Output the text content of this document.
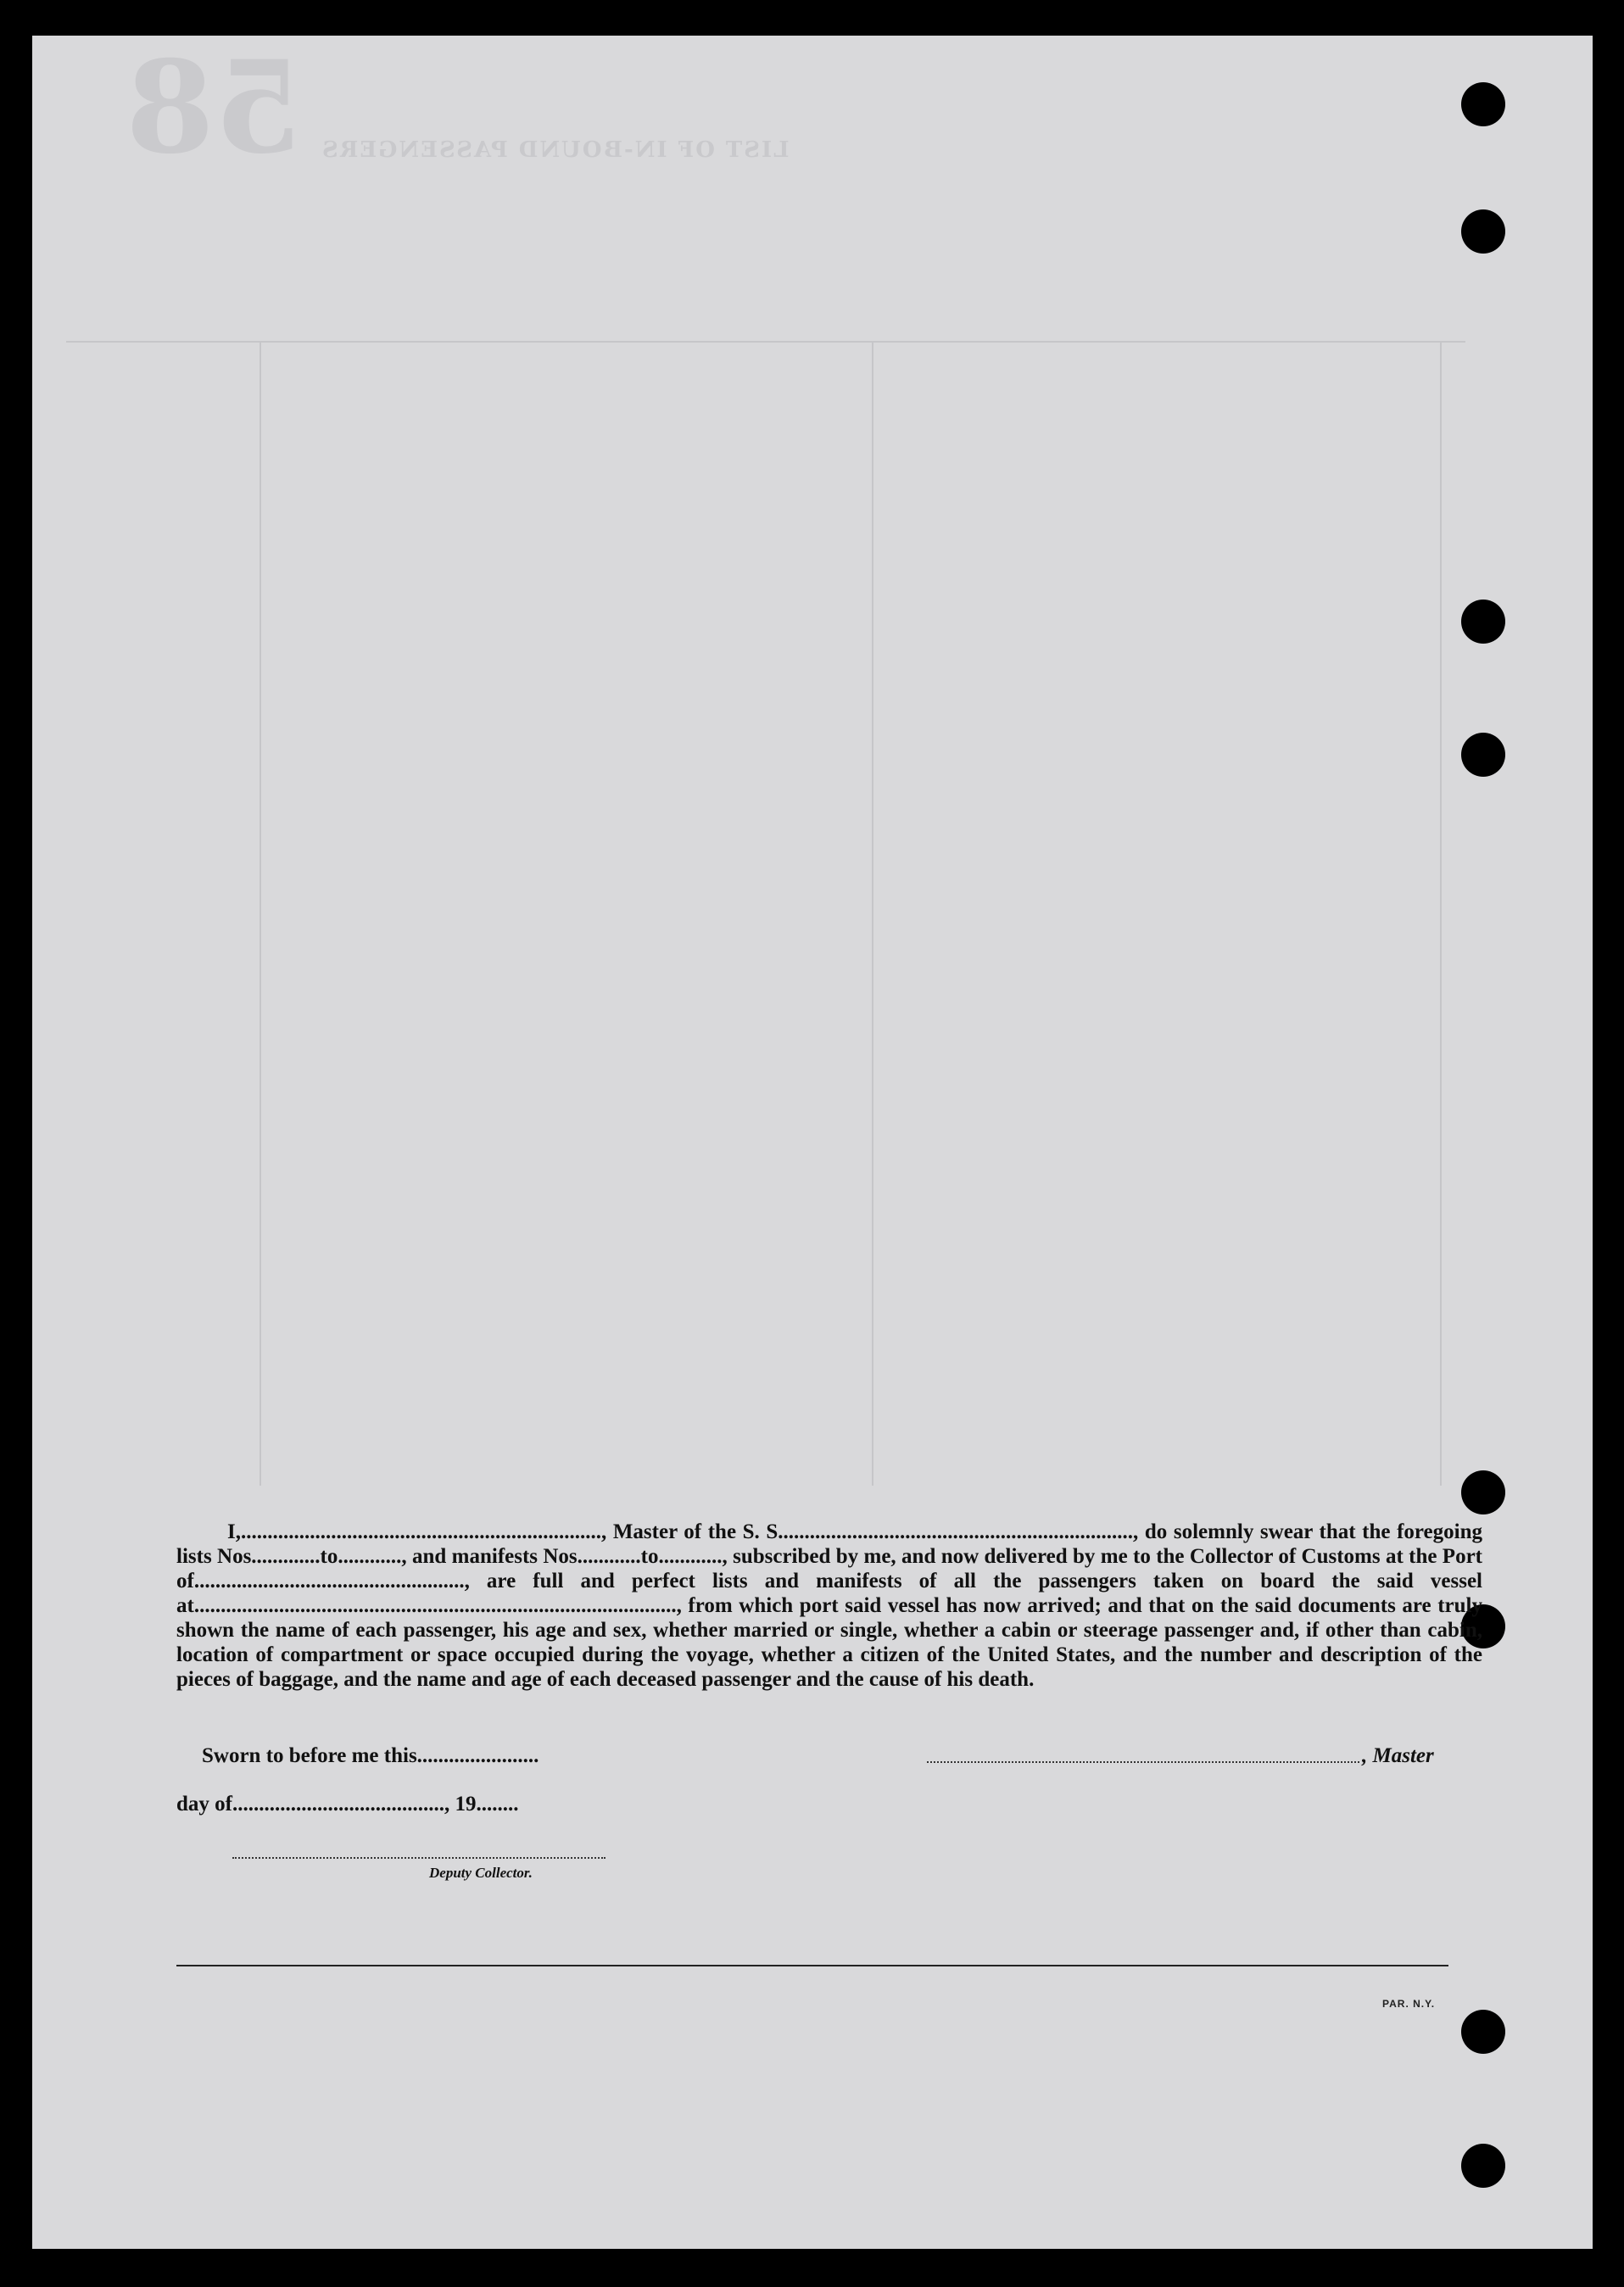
58 LIST OF IN-BOUND PASSENGERS

I,...................................................................., Master of the S. S..................................................................., do solemnly swear that the foregoing lists Nos.............to............, and manifests Nos............to............, subscribed by me, and now delivered by me to the Collector of Customs at the Port of..................................................., are full and perfect lists and manifests of all the passengers taken on board the said vessel at..........................................................................................., from which port said vessel has now arrived; and that on the said documents are truly shown the name of each passenger, his age and sex, whether married or single, whether a cabin or steerage passenger and, if other than cabin, location of compartment or space occupied during the voyage, whether a citizen of the United States, and the number and description of the pieces of baggage, and the name and age of each deceased passenger and the cause of his death.

Sworn to before me this.......................	, Master
day of........................................, 19........
Deputy Collector.
PAR. N.Y.
